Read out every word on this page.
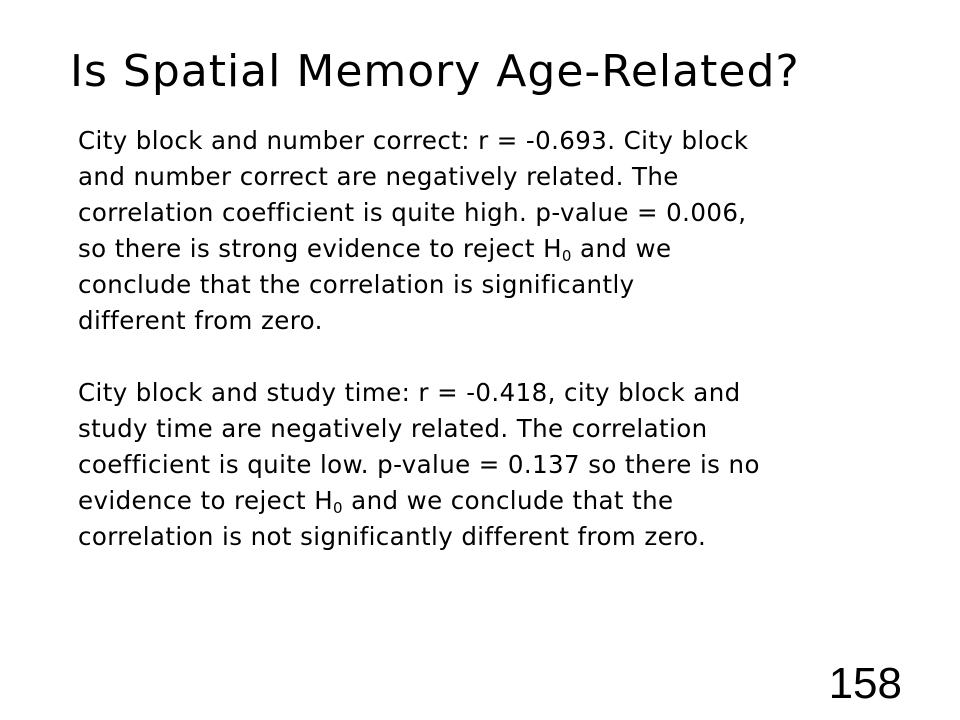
Is Spatial Memory Age-Related?

City block and number correct: r = -0.693. City block
and number correct are negatively related. The
correlation coefficient is quite high. p-value = 0.006,
so there is strong evidence to reject $H_0$ and we
conclude that the correlation is significantly
different from zero.

City block and study time: r = -0.418, city block and
study time are negatively related. The correlation
coefficient is quite low. p-value = 0.137 so there is no
evidence to reject $H_0$ and we conclude that the
correlation is not significantly different from zero.

158
